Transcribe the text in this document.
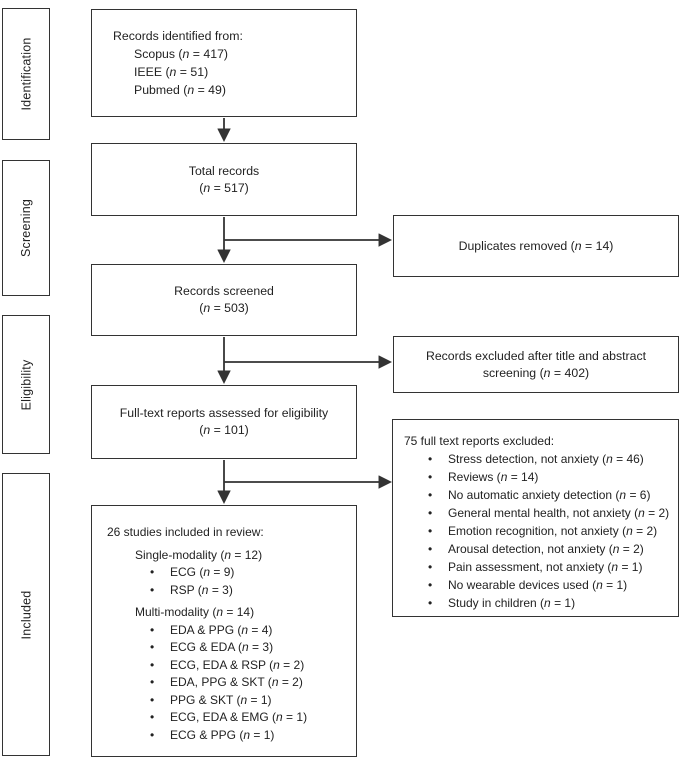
Identification
Screening
Eligibility
Included
Records identified from:
Scopus (n = 417)
IEEE (n = 51)
Pubmed (n = 49)
Total records
(n = 517)
Records screened
(n = 503)
Full-text reports assessed for eligibility
(n = 101)
26 studies included in review:
Single-modality (n = 12)
• ECG (n = 9)
• RSP (n = 3)
Multi-modality (n = 14)
• EDA & PPG (n = 4)
• ECG & EDA (n = 3)
• ECG, EDA & RSP (n = 2)
• EDA, PPG & SKT (n = 2)
• PPG & SKT (n = 1)
• ECG, EDA & EMG (n = 1)
• ECG & PPG (n = 1)
Duplicates removed (n = 14)
Records excluded after title and abstract
screening (n = 402)
75 full text reports excluded:
• Stress detection, not anxiety (n = 46)
• Reviews (n = 14)
• No automatic anxiety detection (n = 6)
• General mental health, not anxiety (n = 2)
• Emotion recognition, not anxiety (n = 2)
• Arousal detection, not anxiety (n = 2)
• Pain assessment, not anxiety (n = 1)
• No wearable devices used (n = 1)
• Study in children (n = 1)
